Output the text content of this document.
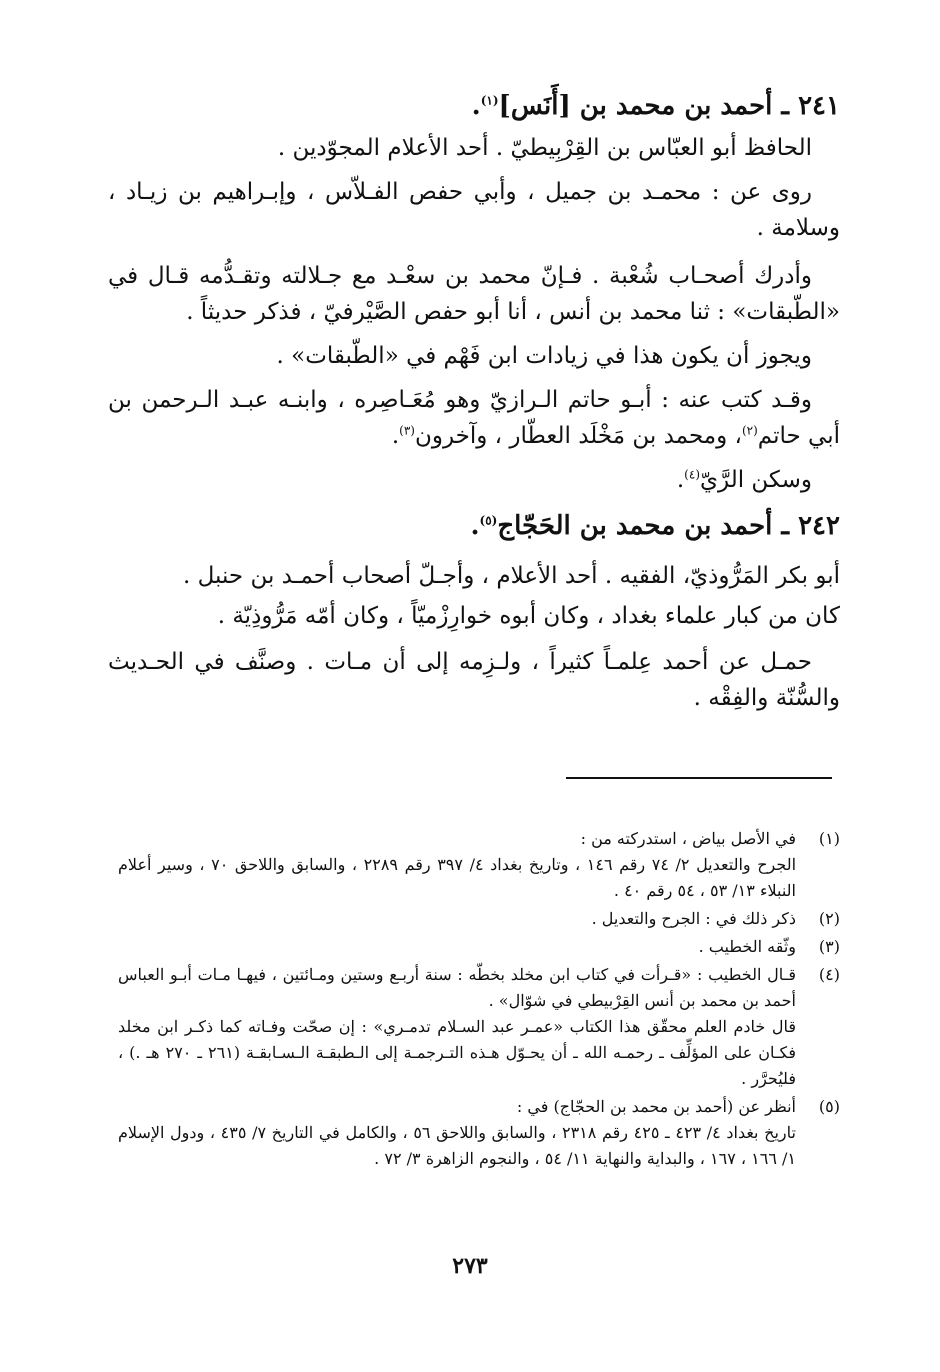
٢٤١ ـ أحمد بن محمد بن [أَنَس]$^{(١)}$.
الحافظ أبو العبّاس بن القِرْبِيطيّ . أحد الأعلام المجوّدين .
روى عن : محمـد بن جميل ، وأبي حفص الفـلاّس ، وإبـراهيم بن زيـاد ، وسلامة .
وأدرك أصحـاب شُعْبة . فـإنّ محمد بن سعْـد مع جـلالته وتقـدُّمه قـال في «الطّبقات» : ثنا محمد بن أنس ، أنا أبو حفص الصَّيْرفيّ ، فذكر حديثاً .
ويجوز أن يكون هذا في زيادات ابن فَهْم في «الطّبقات» .
وقـد كتب عنه : أبـو حاتم الـرازيّ وهو مُعَـاصِره ، وابنـه عبـد الـرحمن بن أبي حاتم$^{(٢)}$، ومحمد بن مَخْلَد العطّار ، وآخرون$^{(٣)}$.
وسكن الرَّيّ$^{(٤)}$.
٢٤٢ ـ أحمد بن محمد بن الحَجّاج$^{(٥)}$.
أبو بكر المَرُّوذيّ، الفقيه . أحد الأعلام ، وأجـلّ أصحاب أحمـد بن حنبل .
كان من كبار علماء بغداد ، وكان أبوه خوارِزْميّاً ، وكان أمّه مَرُّوذِيّة .
حمـل عن أحمد عِلمـاً كثيراً ، ولـزِمه إلى أن مـات . وصنَّف في الحـديث والسُّنّة والفِقْه .
(١)
في الأصل بياض ، استدركته من :
الجرح والتعديل ٢/ ٧٤ رقم ١٤٦ ، وتاريخ بغداد ٤/ ٣٩٧ رقم ٢٢٨٩ ، والسابق واللاحق ٧٠ ، وسير أعلام النبلاء ١٣/ ٥٣ ، ٥٤ رقم ٤٠ .
(٢)
ذكر ذلك في : الجرح والتعديل .
(٣)
وثّقه الخطيب .
(٤)
قـال الخطيب : «قـرأت في كتاب ابن مخلد بخطّه : سنة أربـع وستين ومـائتين ، فيهـا مـات أبـو العباس أحمد بن محمد بن أنس القِرْبيطي في شوّال» .
قال خادم العلم محقّق هذا الكتاب «عمـر عبد السـلام تدمـري» : إن صحّت وفـاته كما ذكـر ابن مخلد فكـان على المؤلِّف ـ رحمـه الله ـ أن يحـوّل هـذه التـرجمـة إلى الـطبقـة الـسـابقـة (٢٦١ ـ ٢٧٠ هـ .) ، فليُحرَّر .
(٥)
أنظر عن (أحمد بن محمد بن الحجّاج) في :
تاريخ بغداد ٤/ ٤٢٣ ـ ٤٢٥ رقم ٢٣١٨ ، والسابق واللاحق ٥٦ ، والكامل في التاريخ ٧/ ٤٣٥ ، ودول الإسلام ١/ ١٦٦ ، ١٦٧ ، والبداية والنهاية ١١/ ٥٤ ، والنجوم الزاهرة ٣/ ٧٢ .
٢٧٣
